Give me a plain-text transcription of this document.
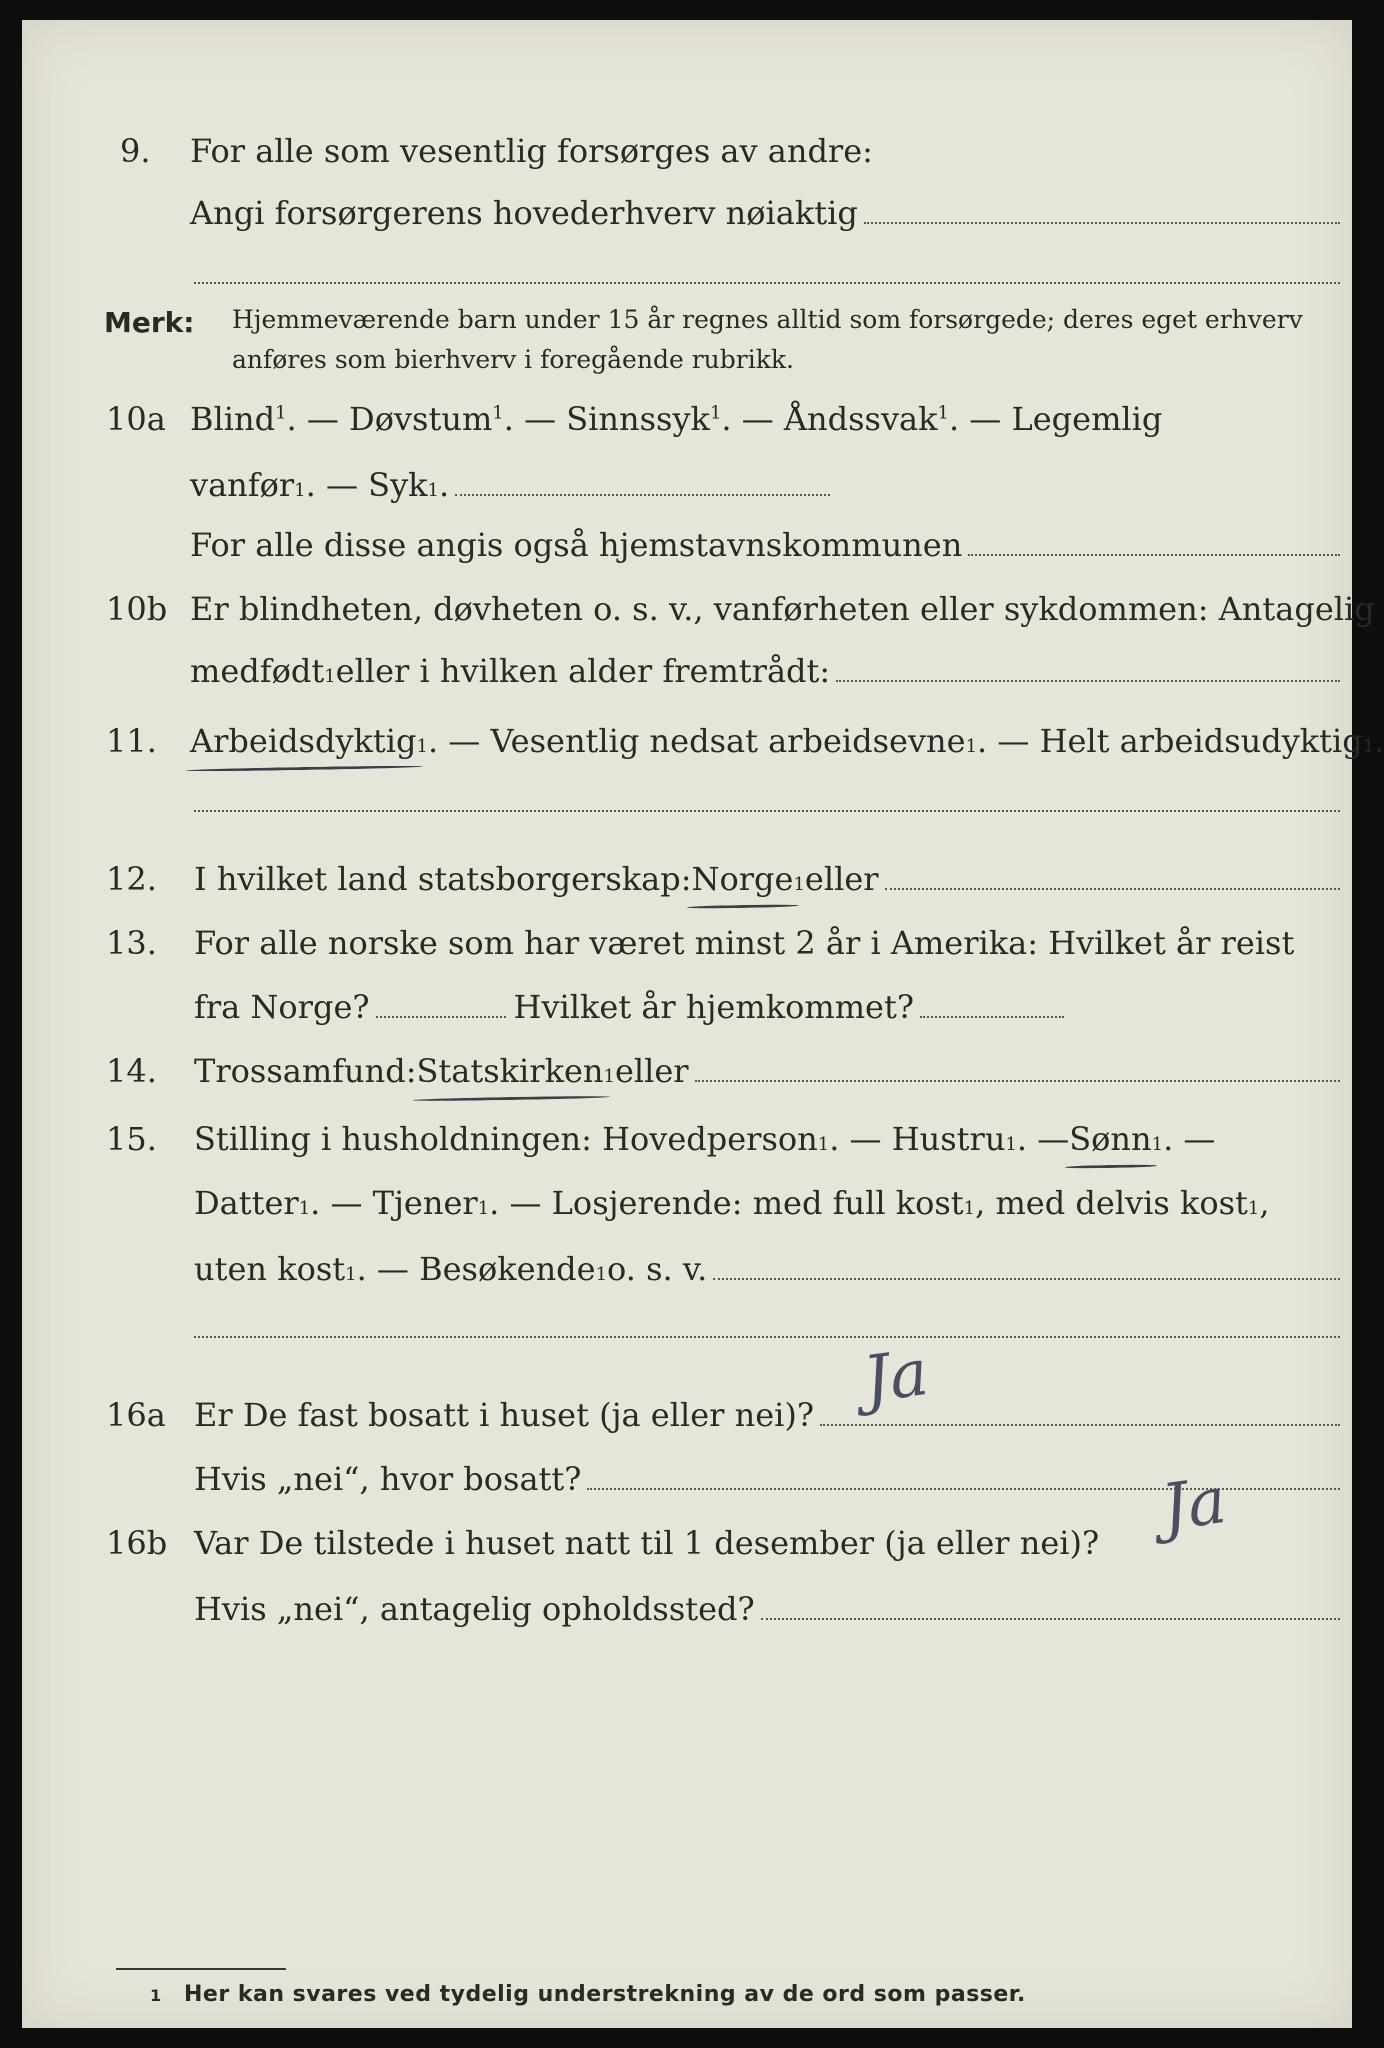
9. For alle som vesentlig forsørges av andre:
Angi forsørgerens hovederhverv nøiaktig
Merk: Hjemmeværende barn under 15 år regnes alltid som forsørgede; deres eget erhverv anføres som bierhverv i foregående rubrikk.
10a Blind$^1$. — Døvstum$^1$. — Sinnssyk$^1$. — Åndssvak$^1$. — Legemlig
vanfør 1 . — Syk 1 .
For alle disse angis også hjemstavnskommunen
10b Er blindheten, døvheten o. s. v., vanførheten eller sykdommen: Antagelig
medfødt 1 eller i hvilken alder fremtrådt:
11. Arbeidsdyktig 1 . — Vesentlig nedsat arbeidsevne 1 . — Helt arbeidsudyktig 1 .
12. I hvilket land statsborgerskap: Norge 1 eller
13. For alle norske som har været minst 2 år i Amerika: Hvilket år reist
fra Norge?	Hvilket år hjemkommet?
14. Trossamfund: Statskirken 1 eller
15. Stilling i husholdningen: Hovedperson 1 . — Hustru 1 . — Sønn 1 . —
Datter 1 . — Tjener 1 . — Losjerende: med full kost 1 , med delvis kost 1 ,
uten kost 1 . — Besøkende 1 o. s. v.
16a Er De fast bosatt i huset (ja eller nei)? Ja
Hvis „nei“, hvor bosatt?
16b Var De tilstede i huset natt til 1 desember (ja eller nei)? Ja
Hvis „nei“, antagelig opholdssted?
1 Her kan svares ved tydelig understrekning av de ord som passer.
